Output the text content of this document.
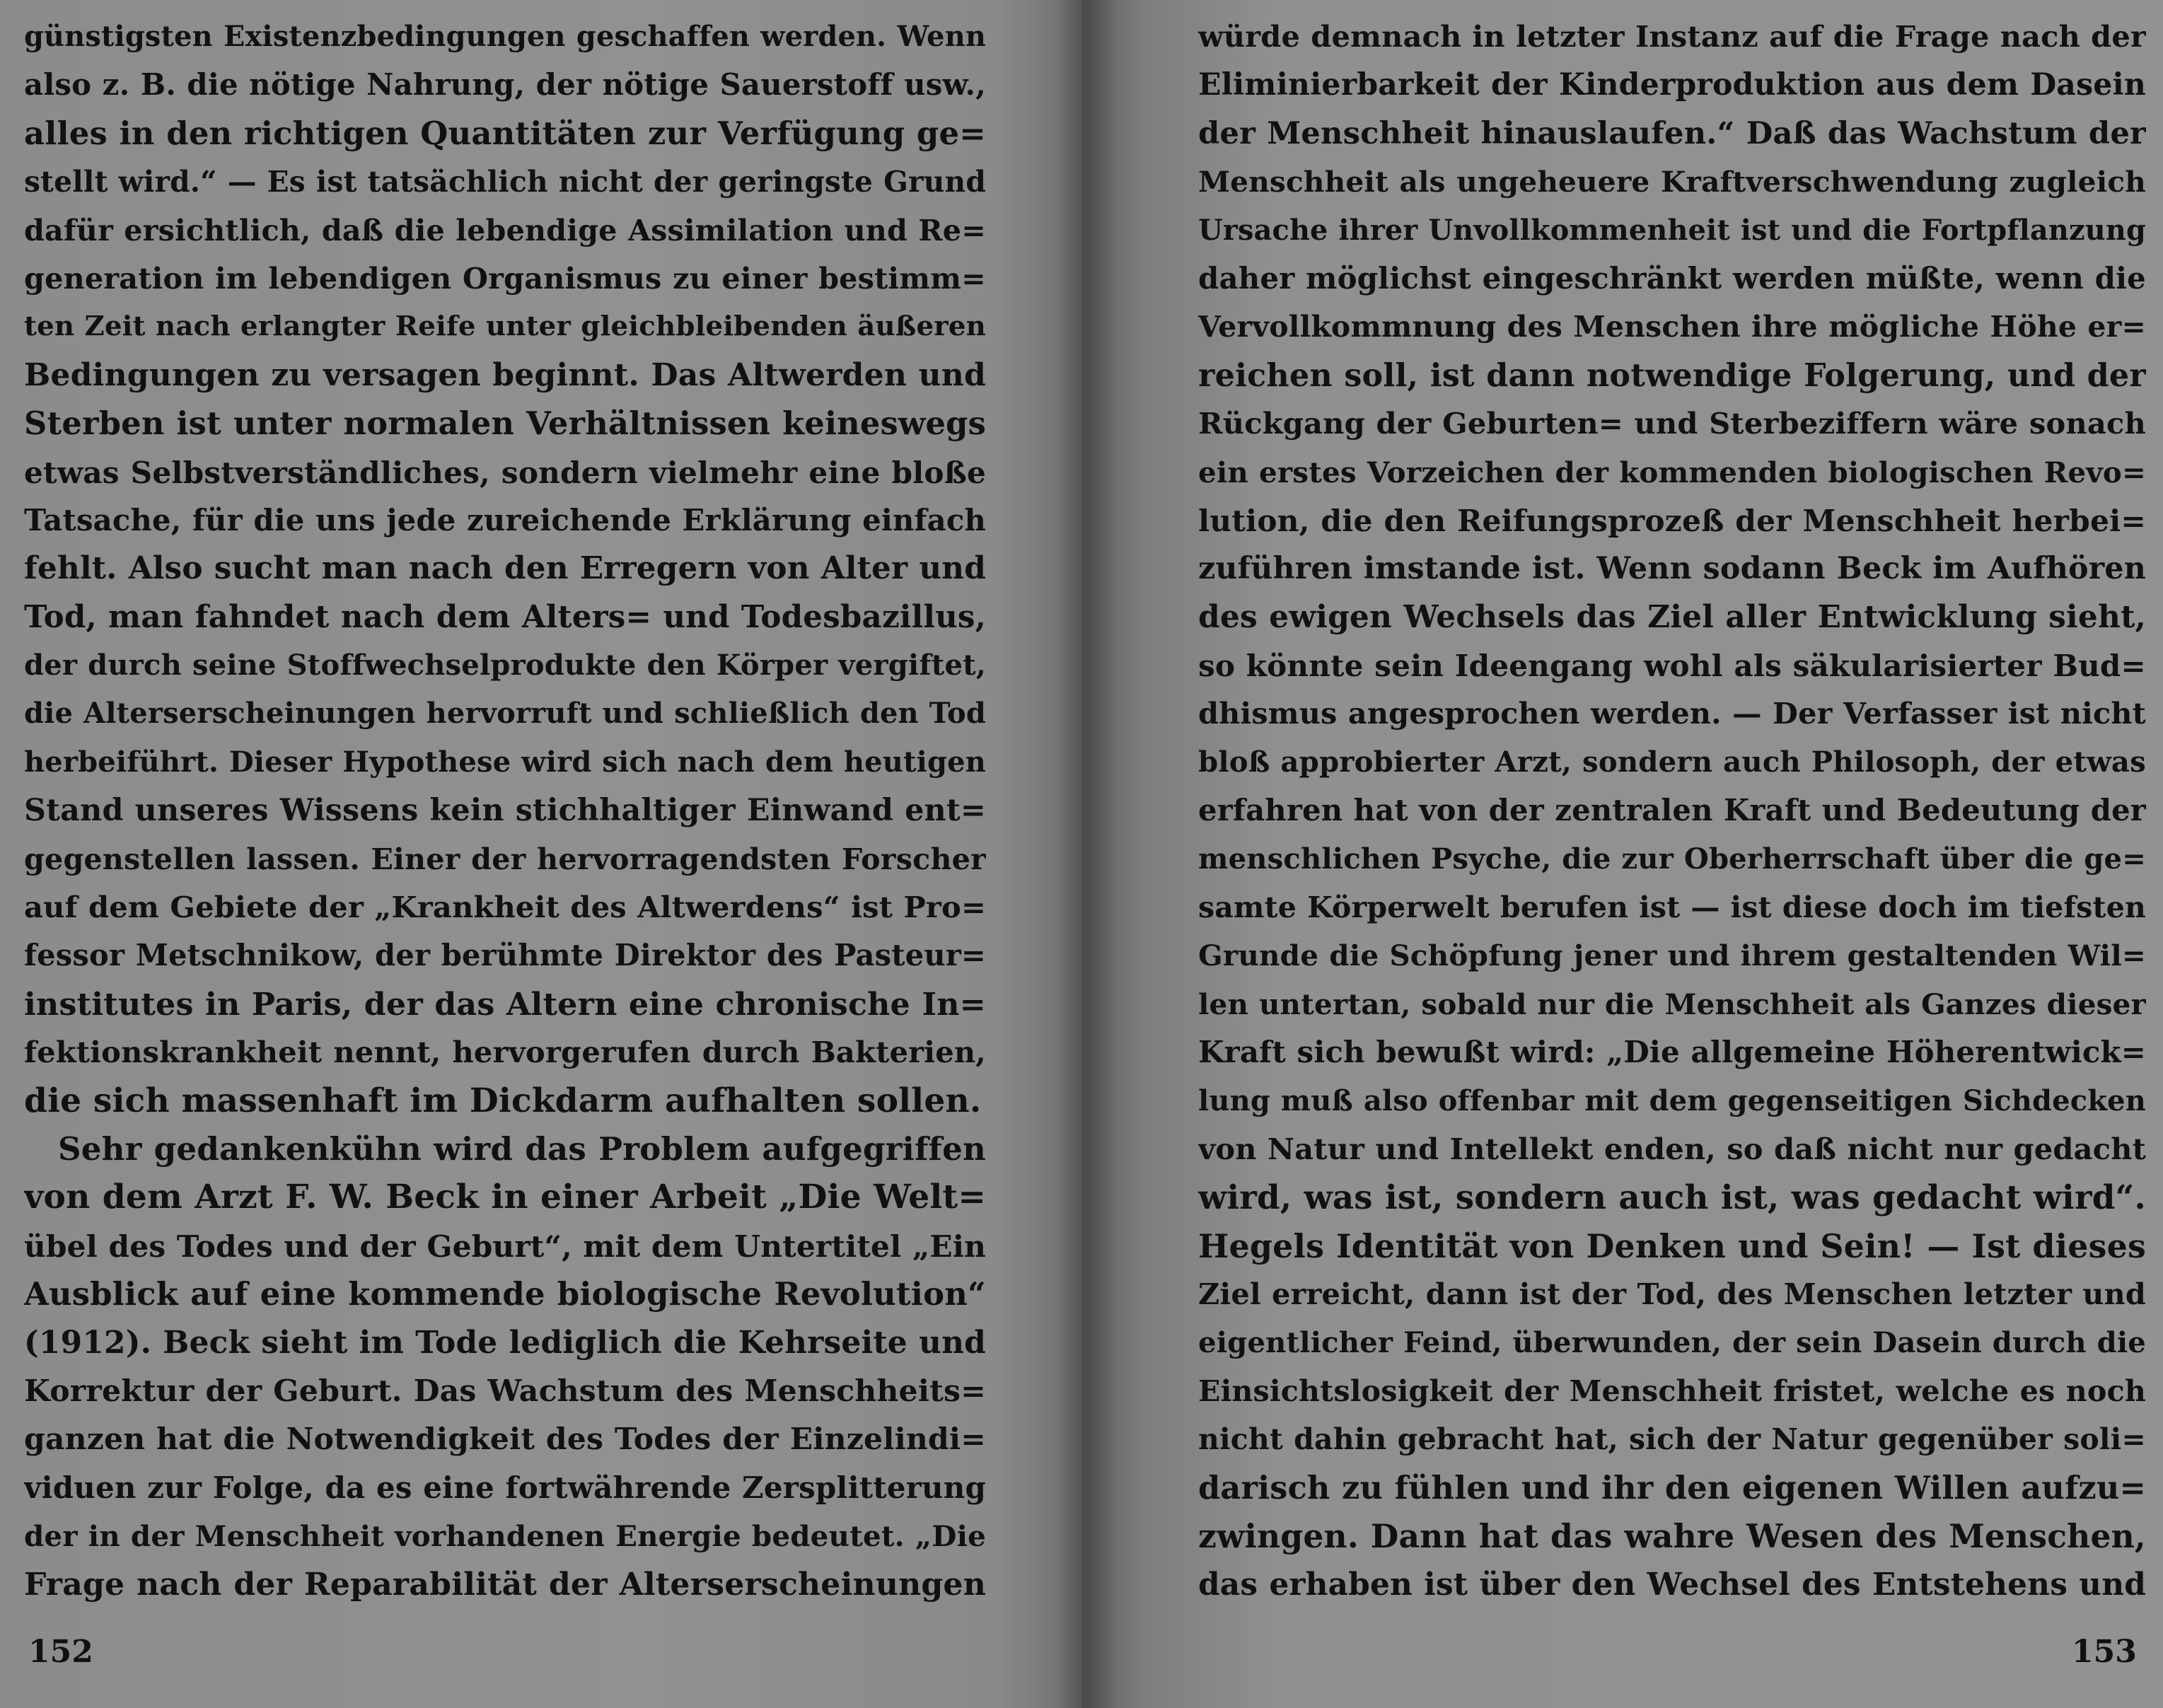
günstigsten Existenzbedingungen geschaffen werden. Wenn
also z. B. die nötige Nahrung, der nötige Sauerstoff usw.,
alles in den richtigen Quantitäten zur Verfügung ge=
stellt wird.“ — Es ist tatsächlich nicht der geringste Grund
dafür ersichtlich, daß die lebendige Assimilation und Re=
generation im lebendigen Organismus zu einer bestimm=
ten Zeit nach erlangter Reife unter gleichbleibenden äußeren
Bedingungen zu versagen beginnt. Das Altwerden und
Sterben ist unter normalen Verhältnissen keineswegs
etwas Selbstverständliches, sondern vielmehr eine bloße
Tatsache, für die uns jede zureichende Erklärung einfach
fehlt. Also sucht man nach den Erregern von Alter und
Tod, man fahndet nach dem Alters= und Todesbazillus,
der durch seine Stoffwechselprodukte den Körper vergiftet,
die Alterserscheinungen hervorruft und schließlich den Tod
herbeiführt. Dieser Hypothese wird sich nach dem heutigen
Stand unseres Wissens kein stichhaltiger Einwand ent=
gegenstellen lassen. Einer der hervorragendsten Forscher
auf dem Gebiete der „Krankheit des Altwerdens“ ist Pro=
fessor Metschnikow, der berühmte Direktor des Pasteur=
institutes in Paris, der das Altern eine chronische In=
fektionskrankheit nennt, hervorgerufen durch Bakterien,
die sich massenhaft im Dickdarm aufhalten sollen.
Sehr gedankenkühn wird das Problem aufgegriffen
von dem Arzt F. W. Beck in einer Arbeit „Die Welt=
übel des Todes und der Geburt“, mit dem Untertitel „Ein
Ausblick auf eine kommende biologische Revolution“
(1912). Beck sieht im Tode lediglich die Kehrseite und
Korrektur der Geburt. Das Wachstum des Menschheits=
ganzen hat die Notwendigkeit des Todes der Einzelindi=
viduen zur Folge, da es eine fortwährende Zersplitterung
der in der Menschheit vorhandenen Energie bedeutet. „Die
Frage nach der Reparabilität der Alterserscheinungen
152
würde demnach in letzter Instanz auf die Frage nach der
Eliminierbarkeit der Kinderproduktion aus dem Dasein
der Menschheit hinauslaufen.“ Daß das Wachstum der
Menschheit als ungeheuere Kraftverschwendung zugleich
Ursache ihrer Unvollkommenheit ist und die Fortpflanzung
daher möglichst eingeschränkt werden müßte, wenn die
Vervollkommnung des Menschen ihre mögliche Höhe er=
reichen soll, ist dann notwendige Folgerung, und der
Rückgang der Geburten= und Sterbeziffern wäre sonach
ein erstes Vorzeichen der kommenden biologischen Revo=
lution, die den Reifungsprozeß der Menschheit herbei=
zuführen imstande ist. Wenn sodann Beck im Aufhören
des ewigen Wechsels das Ziel aller Entwicklung sieht,
so könnte sein Ideengang wohl als säkularisierter Bud=
dhismus angesprochen werden. — Der Verfasser ist nicht
bloß approbierter Arzt, sondern auch Philosoph, der etwas
erfahren hat von der zentralen Kraft und Bedeutung der
menschlichen Psyche, die zur Oberherrschaft über die ge=
samte Körperwelt berufen ist — ist diese doch im tiefsten
Grunde die Schöpfung jener und ihrem gestaltenden Wil=
len untertan, sobald nur die Menschheit als Ganzes dieser
Kraft sich bewußt wird: „Die allgemeine Höherentwick=
lung muß also offenbar mit dem gegenseitigen Sichdecken
von Natur und Intellekt enden, so daß nicht nur gedacht
wird, was ist, sondern auch ist, was gedacht wird“.
Hegels Identität von Denken und Sein! — Ist dieses
Ziel erreicht, dann ist der Tod, des Menschen letzter und
eigentlicher Feind, überwunden, der sein Dasein durch die
Einsichtslosigkeit der Menschheit fristet, welche es noch
nicht dahin gebracht hat, sich der Natur gegenüber soli=
darisch zu fühlen und ihr den eigenen Willen aufzu=
zwingen. Dann hat das wahre Wesen des Menschen,
das erhaben ist über den Wechsel des Entstehens und
153
